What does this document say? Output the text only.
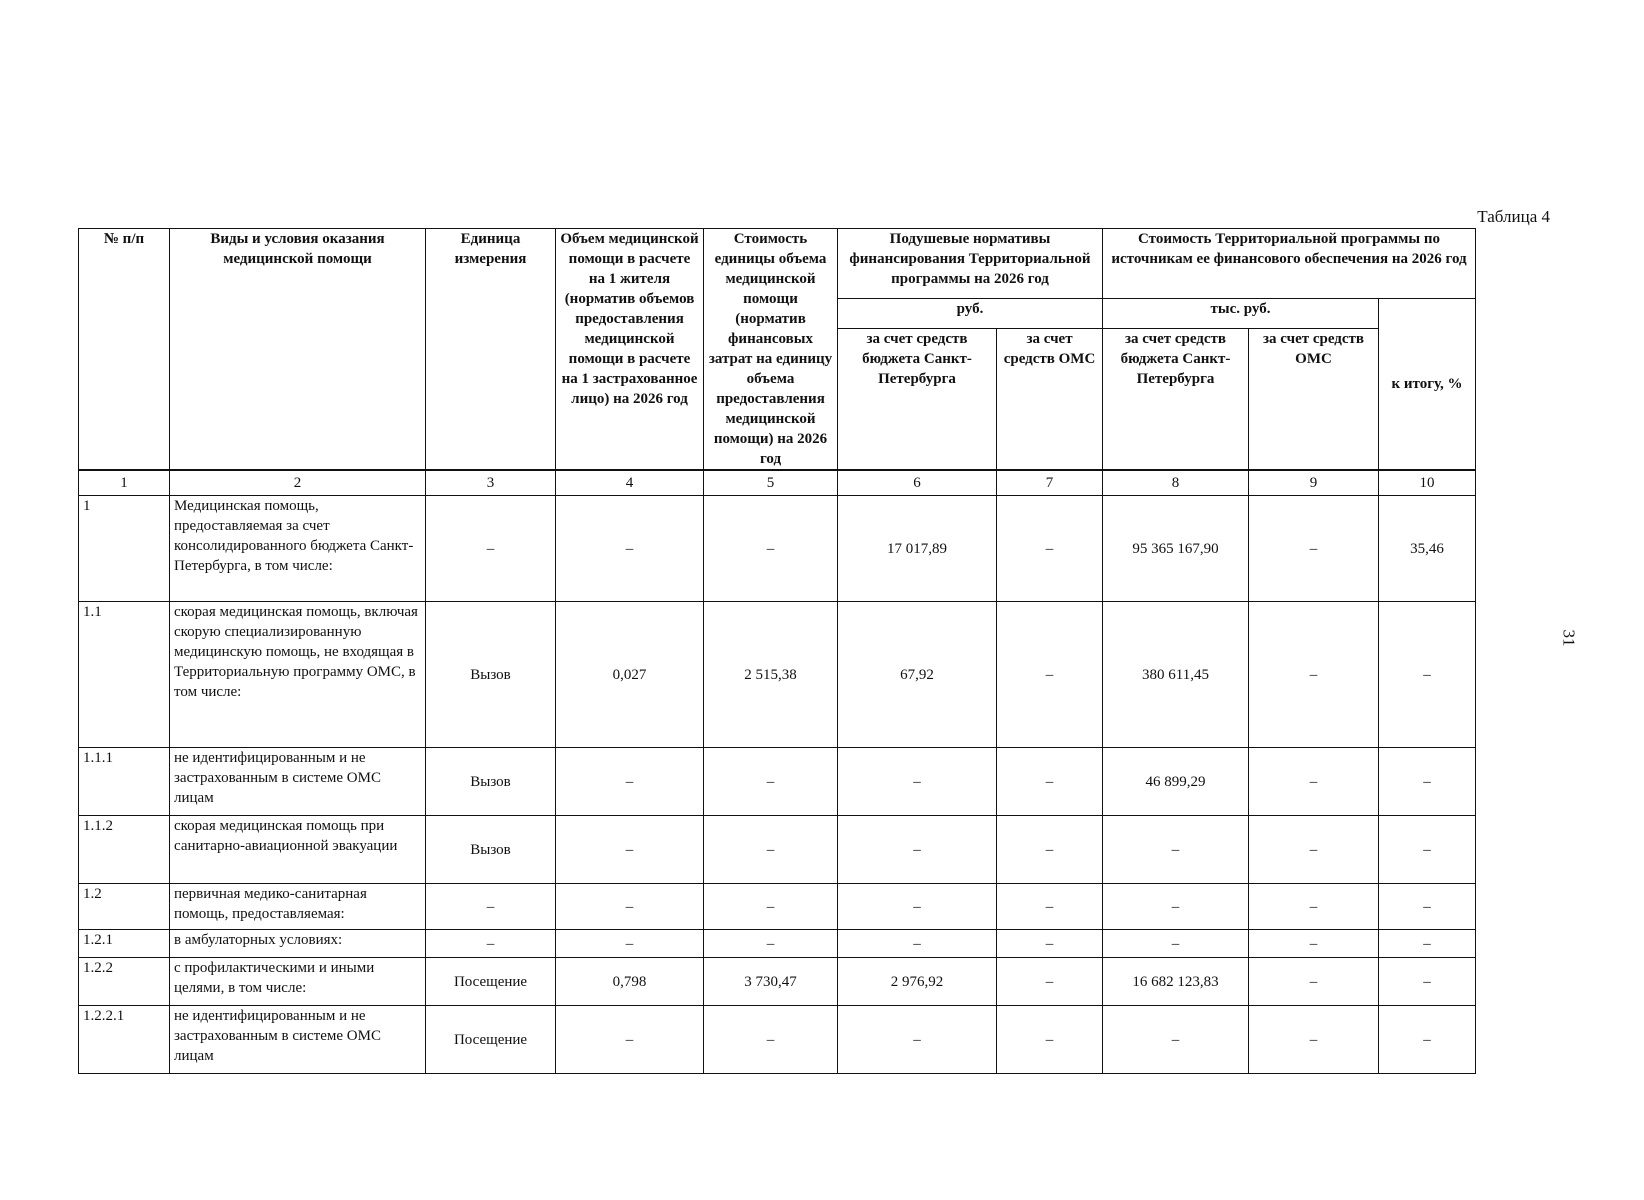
31
Таблица 4
№ п/п	Виды и условия оказания медицинской помощи	Единица измерения	Объем медицинской помощи в расчете на 1 жителя (норматив объемов предоставления медицинской помощи в расчете на 1 застрахованное лицо) на 2026 год	Стоимость единицы объема медицинской помощи (норматив финансовых затрат на единицу объема предоставления медицинской помощи) на 2026 год	Подушевые нормативы финансирования Территориальной программы на 2026 год		Стоимость Территориальной программы по источникам ее финансового обеспечения на 2026 год		
					руб.		тыс. руб.		к итогу, %
					за счет средств бюджета Санкт-Петербурга	за счет средств ОМС	за счет средств бюджета Санкт-Петербурга	за счет средств ОМС	
1	2	3	4	5	6	7	8	9	10
1	Медицинская помощь, предоставляемая за счет консолидированного бюджета Санкт-Петербурга, в том числе:	–	–	–	17 017,89	–	95 365 167,90	–	35,46
1.1	скорая медицинская помощь, включая скорую специализированную медицинскую помощь, не входящая в Территориальную программу ОМС, в том числе:	Вызов	0,027	2 515,38	67,92	–	380 611,45	–	–
1.1.1	не идентифицированным и не застрахованным в системе ОМС лицам	Вызов	–	–	–	–	46 899,29	–	–
1.1.2	скорая медицинская помощь при санитарно-авиационной эвакуации	Вызов	–	–	–	–	–	–	–
1.2	первичная медико-санитарная помощь, предоставляемая:	–	–	–	–	–	–	–	–
1.2.1	в амбулаторных условиях:	–	–	–	–	–	–	–	–
1.2.2	с профилактическими и иными целями, в том числе:	Посещение	0,798	3 730,47	2 976,92	–	16 682 123,83	–	–
1.2.2.1	не идентифицированным и не застрахованным в системе ОМС лицам	Посещение	–	–	–	–	–	–	–
